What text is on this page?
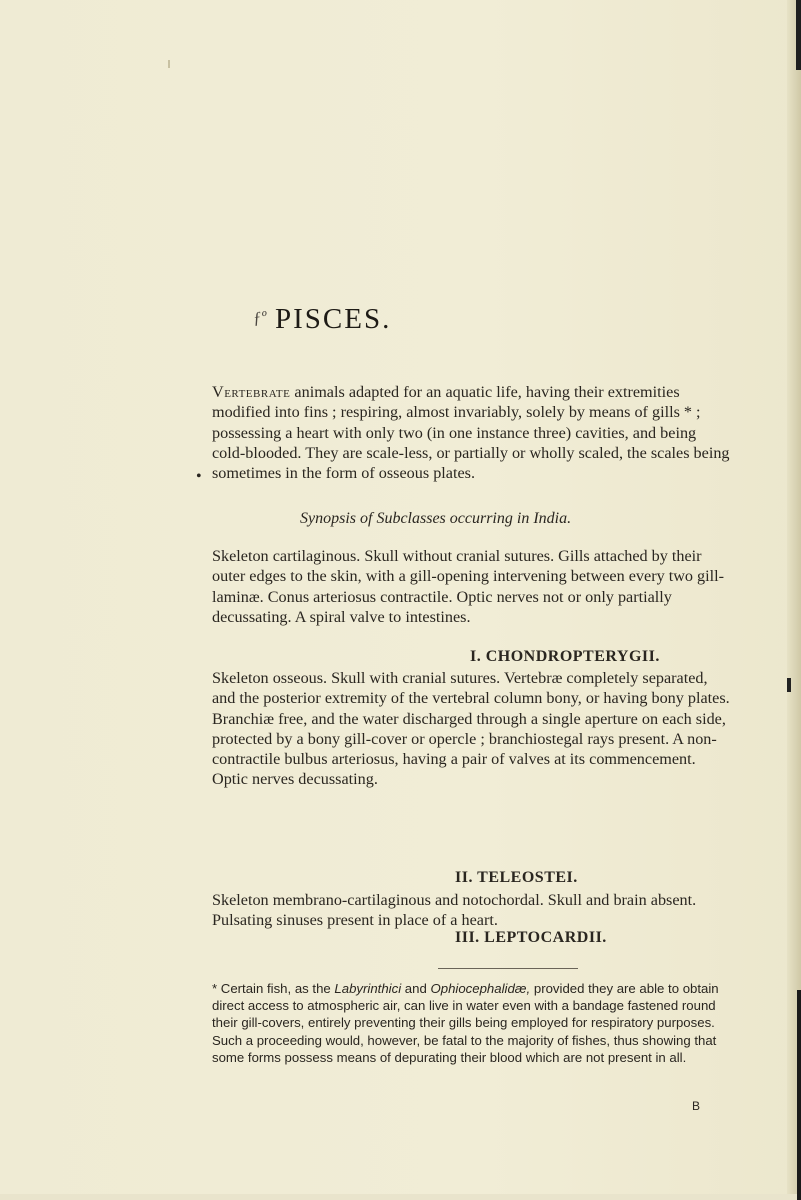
ƒº PISCES.
Vertebrate animals adapted for an aquatic life, having their extremities modified into fins ; respiring, almost invariably, solely by means of gills * ; possessing a heart with only two (in one instance three) cavities, and being cold-blooded. They are scale-less, or partially or wholly scaled, the scales being sometimes in the form of osseous plates.
•
Synopsis of Subclasses occurring in India.
Skeleton cartilaginous. Skull without cranial sutures. Gills attached by their outer edges to the skin, with a gill-opening intervening between every two gill-laminæ. Conus arteriosus contractile. Optic nerves not or only partially decussating. A spiral valve to intestines.
I. CHONDROPTERYGII.
Skeleton osseous. Skull with cranial sutures. Vertebræ completely separated, and the posterior extremity of the vertebral column bony, or having bony plates. Branchiæ free, and the water discharged through a single aperture on each side, protected by a bony gill-cover or opercle ; branchiostegal rays present. A non-contractile bulbus arteriosus, having a pair of valves at its commencement. Optic nerves decussating.
II. TELEOSTEI.
Skeleton membrano-cartilaginous and notochordal. Skull and brain absent. Pulsating sinuses present in place of a heart.
III. LEPTOCARDII.
* Certain fish, as the Labyrinthici and Ophiocephalidæ, provided they are able to obtain direct access to atmospheric air, can live in water even with a bandage fastened round their gill-covers, entirely preventing their gills being employed for respiratory purposes. Such a proceeding would, however, be fatal to the majority of fishes, thus showing that some forms possess means of depurating their blood which are not present in all.
B
